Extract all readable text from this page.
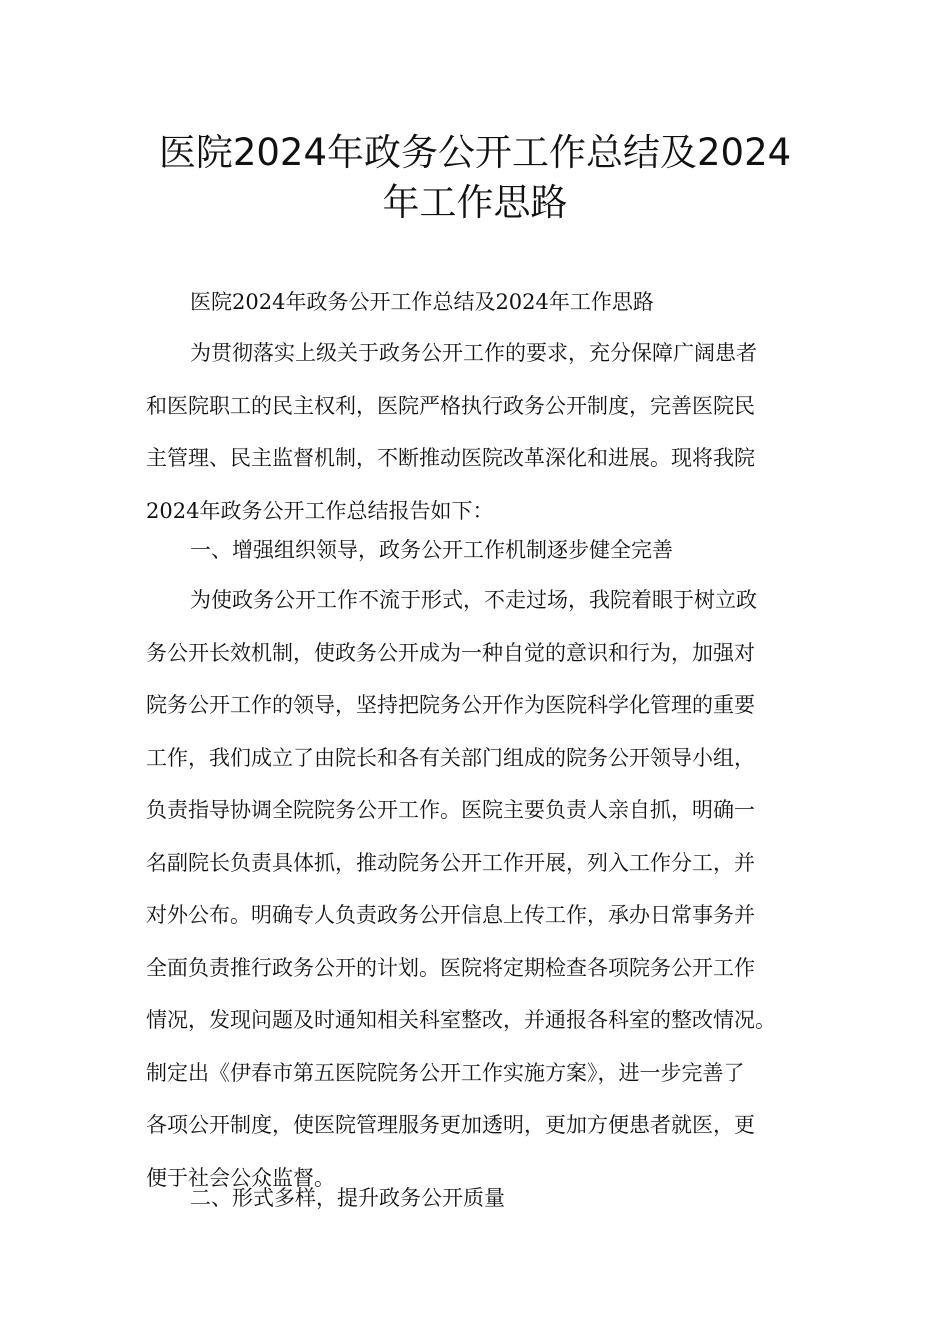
医院2024年政务公开工作总结及2024
年工作思路

医院2024年政务公开工作总结及2024年工作思路

为贯彻落实上级关于政务公开工作的要求，充分保障广阔患者
和医院职工的民主权利，医院严格执行政务公开制度，完善医院民
主管理、民主监督机制，不断推动医院改革深化和进展。现将我院
2024年政务公开工作总结报告如下：

一、增强组织领导，政务公开工作机制逐步健全完善

为使政务公开工作不流于形式，不走过场，我院着眼于树立政
务公开长效机制，使政务公开成为一种自觉的意识和行为，加强对
院务公开工作的领导，坚持把院务公开作为医院科学化管理的重要
工作，我们成立了由院长和各有关部门组成的院务公开领导小组，
负责指导协调全院院务公开工作。医院主要负责人亲自抓，明确一
名副院长负责具体抓，推动院务公开工作开展，列入工作分工，并
对外公布。明确专人负责政务公开信息上传工作，承办日常事务并
全面负责推行政务公开的计划。医院将定期检查各项院务公开工作
情况，发现问题及时通知相关科室整改，并通报各科室的整改情况。
制定出《伊春市第五医院院务公开工作实施方案》，进一步完善了
各项公开制度，使医院管理服务更加透明，更加方便患者就医，更
便于社会公众监督。

二、形式多样，提升政务公开质量
